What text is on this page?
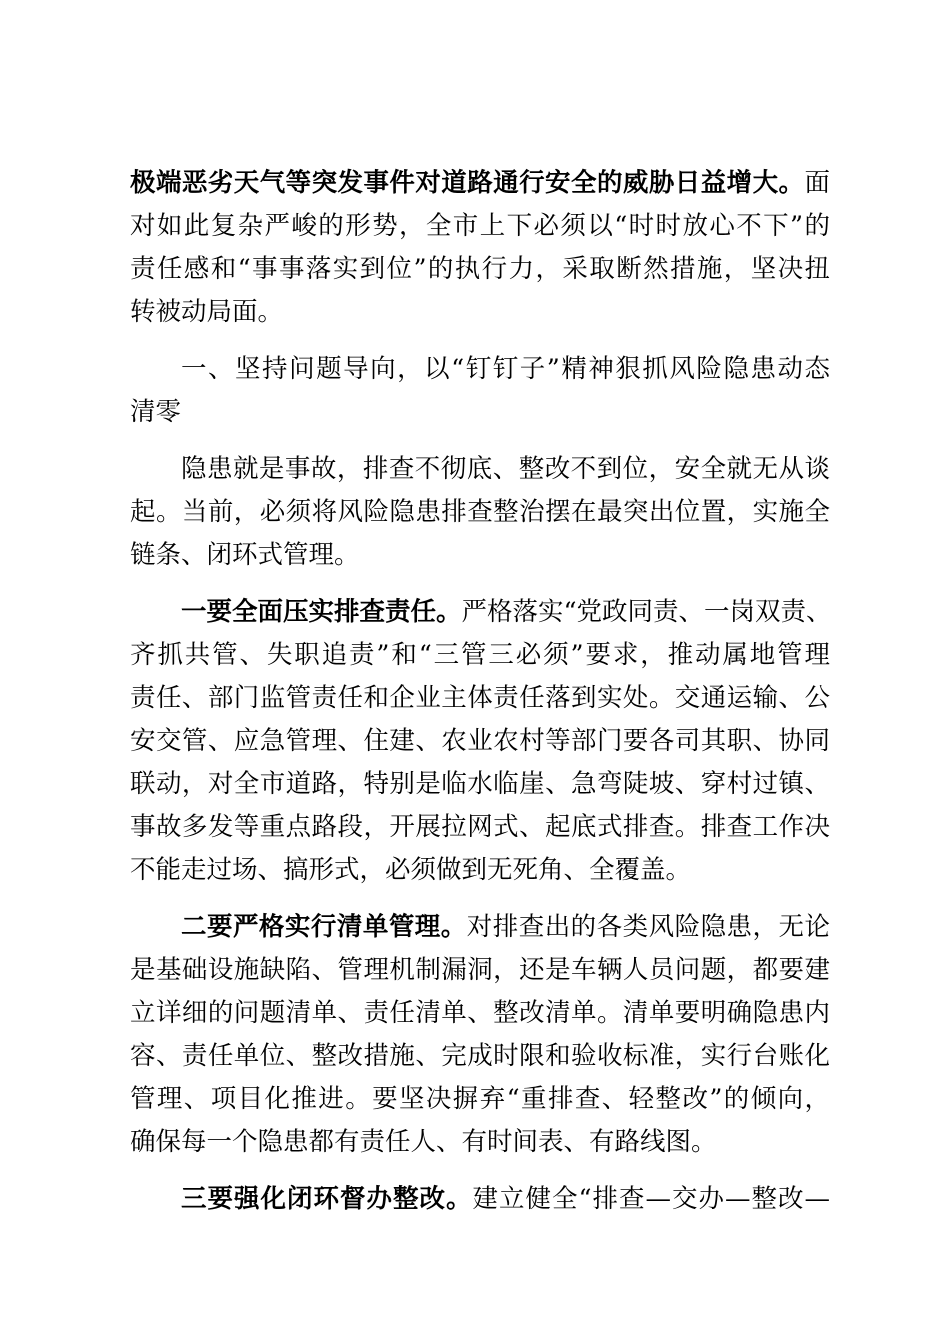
极端恶劣天气等突发事件对道路通行安全的威胁日益增大。面
对如此复杂严峻的形势，全市上下必须以“时时放心不下”的
责任感和“事事落实到位”的执行力，采取断然措施，坚决扭
转被动局面。
一、坚持问题导向，以“钉钉子”精神狠抓风险隐患动态
清零
隐患就是事故，排查不彻底、整改不到位，安全就无从谈
起。当前，必须将风险隐患排查整治摆在最突出位置，实施全
链条、闭环式管理。
一要全面压实排查责任。严格落实“党政同责、一岗双责、
齐抓共管、失职追责”和“三管三必须”要求，推动属地管理
责任、部门监管责任和企业主体责任落到实处。交通运输、公
安交管、应急管理、住建、农业农村等部门要各司其职、协同
联动，对全市道路，特别是临水临崖、急弯陡坡、穿村过镇、
事故多发等重点路段，开展拉网式、起底式排查。排查工作决
不能走过场、搞形式，必须做到无死角、全覆盖。
二要严格实行清单管理。对排查出的各类风险隐患，无论
是基础设施缺陷、管理机制漏洞，还是车辆人员问题，都要建
立详细的问题清单、责任清单、整改清单。清单要明确隐患内
容、责任单位、整改措施、完成时限和验收标准，实行台账化
管理、项目化推进。要坚决摒弃“重排查、轻整改”的倾向，
确保每一个隐患都有责任人、有时间表、有路线图。
三要强化闭环督办整改。建立健全“排查—交办—整改—
